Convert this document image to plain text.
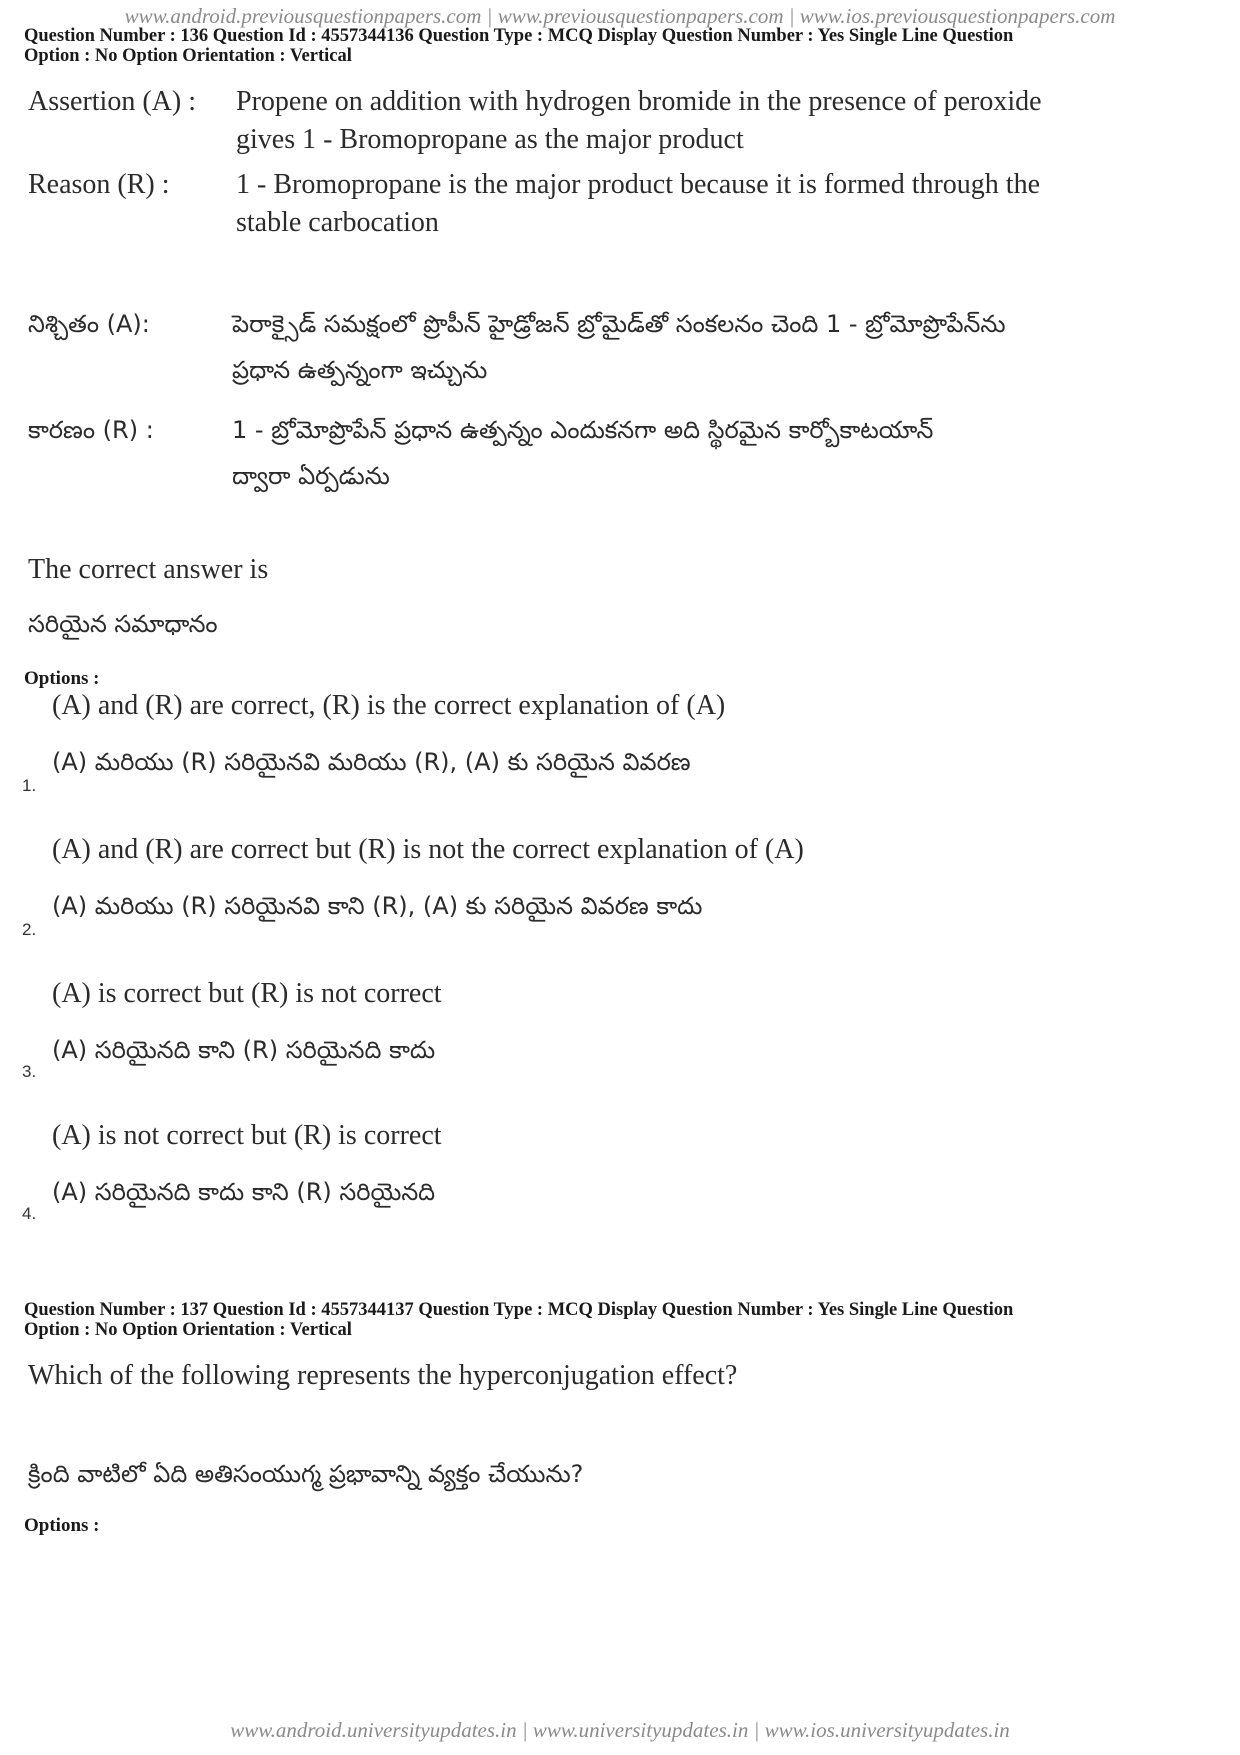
www.android.previousquestionpapers.com | www.previousquestionpapers.com | www.ios.previousquestionpapers.com
Question Number : 136 Question Id : 4557344136 Question Type : MCQ Display Question Number : Yes Single Line Question
Option : No Option Orientation : Vertical
Assertion (A) : Propene on addition with hydrogen bromide in the presence of peroxide
gives 1 - Bromopropane as the major product
Reason (R) : 1 - Bromopropane is the major product because it is formed through the
stable carbocation
నిశ్చితం (A):	పెరాక్సైడ్ సమక్షంలో ప్రొపీన్ హైడ్రోజన్ బ్రోమైడ్‌తో సంకలనం చెంది 1 - బ్రోమోప్రొపేన్‌ను
ప్రధాన ఉత్పన్నంగా ఇచ్చును
కారణం (R) :	1 - బ్రోమోప్రొపేన్ ప్రధాన ఉత్పన్నం ఎందుకనగా అది స్థిరమైన కార్బోకాటయాన్
ద్వారా ఏర్పడును
The correct answer is
సరియైన సమాధానం
Options :
(A) and (R) are correct, (R) is the correct explanation of (A)
(A) మరియు (R) సరియైనవి మరియు (R), (A) కు సరియైన వివరణ
1.
(A) and (R) are correct but (R) is not the correct explanation of (A)
(A) మరియు (R) సరియైనవి కాని (R), (A) కు సరియైన వివరణ కాదు
2.
(A) is correct but (R) is not correct
(A) సరియైనది కాని (R) సరియైనది కాదు
3.
(A) is not correct but (R) is correct
(A) సరియైనది కాదు కాని (R) సరియైనది
4.
Question Number : 137 Question Id : 4557344137 Question Type : MCQ Display Question Number : Yes Single Line Question
Option : No Option Orientation : Vertical
Which of the following represents the hyperconjugation effect?
క్రింది వాటిలో ఏది అతిసంయుగ్మ ప్రభావాన్ని వ్యక్తం చేయును?
Options :
www.android.universityupdates.in | www.universityupdates.in | www.ios.universityupdates.in
